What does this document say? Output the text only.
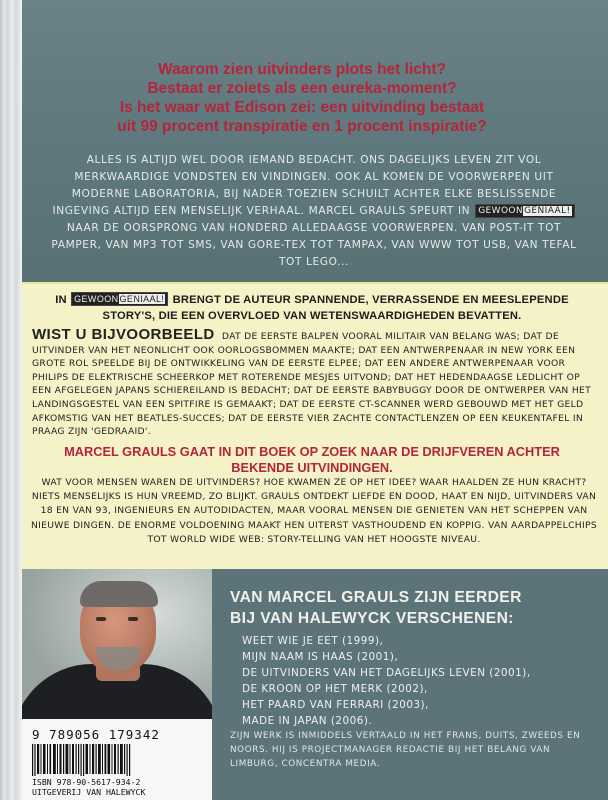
Waarom zien uitvinders plots het licht?
Bestaat er zoiets als een eureka-moment?
Is het waar wat Edison zei: een uitvinding bestaat
uit 99 procent transpiratie en 1 procent inspiratie?
ALLES IS ALTIJD WEL DOOR IEMAND BEDACHT. ONS DAGELIJKS LEVEN ZIT VOL MERKWAARDIGE VONDSTEN EN VINDINGEN. OOK AL KOMEN DE VOORWERPEN UIT MODERNE LABORATORIA, BIJ NADER TOEZIEN SCHUILT ACHTER ELKE BESLISSENDE INGEVING ALTIJD EEN MENSELIJK VERHAAL. MARCEL GRAULS SPEURT IN GEWOONGENIAAL! NAAR DE OORSPRONG VAN HONDERD ALLEDAAGSE VOORWERPEN. VAN POST-IT TOT PAMPER, VAN MP3 TOT SMS, VAN GORE-TEX TOT TAMPAX, VAN WWW TOT USB, VAN TEFAL TOT LEGO...
IN GEWOONGENIAAL! BRENGT DE AUTEUR SPANNENDE, VERRASSENDE EN MEESLEPENDE STORY'S, DIE EEN OVERVLOED VAN WETENSWAARDIGHEDEN BEVATTEN.
WIST U BIJVOORBEELD DAT DE EERSTE BALPEN VOORAL MILITAIR VAN BELANG WAS; DAT DE UITVINDER VAN HET NEONLICHT OOK OORLOGSBOMMEN MAAKTE; DAT EEN ANTWERPENAAR IN NEW YORK EEN GROTE ROL SPEELDE BIJ DE ONTWIKKELING VAN DE EERSTE ELPEE; DAT EEN ANDERE ANTWERPENAAR VOOR PHILIPS DE ELEKTRISCHE SCHEERKOP MET ROTERENDE MESJES UITVOND; DAT HET HEDENDAAGSE LEDLICHT OP EEN AFGELEGEN JAPANS SCHIEREILAND IS BEDACHT; DAT DE EERSTE BABYBUGGY DOOR DE ONTWERPER VAN HET LANDINGSGESTEL VAN EEN SPITFIRE IS GEMAAKT; DAT DE EERSTE CT-SCANNER WERD GEBOUWD MET HET GELD AFKOMSTIG VAN HET BEATLES-SUCCES; DAT DE EERSTE VIER ZACHTE CONTACTLENZEN OP EEN KEUKENTAFEL IN PRAAG ZIJN 'GEDRAAID'.
MARCEL GRAULS GAAT IN DIT BOEK OP ZOEK NAAR DE DRIJFVEREN ACHTER BEKENDE UITVINDINGEN.
WAT VOOR MENSEN WAREN DE UITVINDERS? HOE KWAMEN ZE OP HET IDEE? WAAR HAALDEN ZE HUN KRACHT? NIETS MENSELIJKS IS HUN VREEMD, ZO BLIJKT. GRAULS ONTDEKT LIEFDE EN DOOD, HAAT EN NIJD, UITVINDERS VAN 18 EN VAN 93, INGENIEURS EN AUTODIDACTEN, MAAR VOORAL MENSEN DIE GENIETEN VAN HET SCHEPPEN VAN NIEUWE DINGEN. DE ENORME VOLDOENING MAAKT HEN UITERST VASTHOUDEND EN KOPPIG. VAN AARDAPPELCHIPS TOT WORLD WIDE WEB: STORY-TELLING VAN HET HOOGSTE NIVEAU.
9 789056 179342
ISBN 978-90-5617-934-2
UITGEVERIJ VAN HALEWYCK
VAN MARCEL GRAULS ZIJN EERDER
BIJ VAN HALEWYCK VERSCHENEN:
WEET WIE JE EET (1999),
MIJN NAAM IS HAAS (2001),
DE UITVINDERS VAN HET DAGELIJKS LEVEN (2001),
DE KROON OP HET MERK (2002),
HET PAARD VAN FERRARI (2003),
MADE IN JAPAN (2006).
ZIJN WERK IS INMIDDELS VERTAALD IN HET FRANS, DUITS, ZWEEDS EN NOORS. HIJ IS PROJECTMANAGER REDACTIE BIJ HET BELANG VAN LIMBURG, CONCENTRA MEDIA.
